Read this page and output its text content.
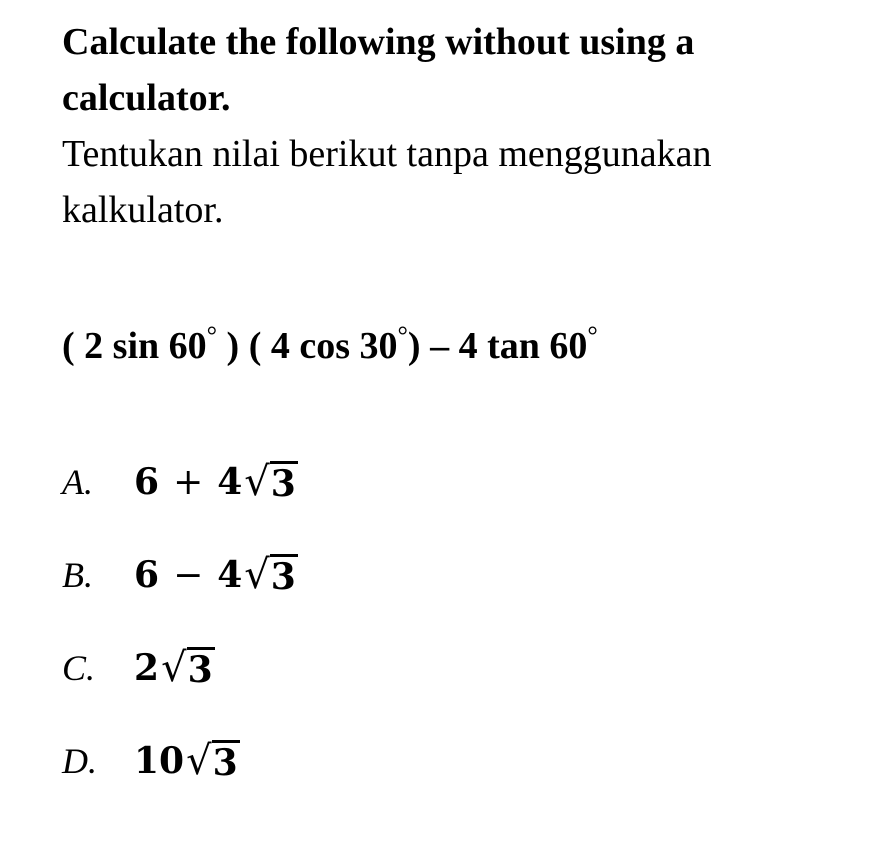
Calculate the following without using a calculator.

Tentukan nilai berikut tanpa menggunakan kalkulator.

( 2 sin 60° ) ( 4 cos 30°) – 4 tan 60°
A.	6 + 4 √ 3
B.	6 − 4 √ 3
C.	2 √ 3
D.	10 √ 3
